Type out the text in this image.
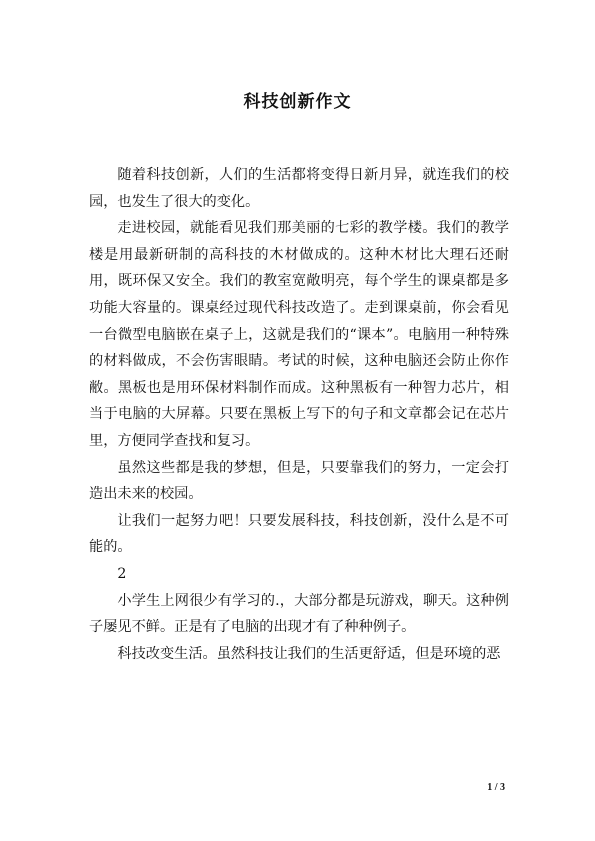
科技创新作文

随着科技创新，人们的生活都将变得日新月异，就连我们的校园，也发生了很大的变化。

走进校园，就能看见我们那美丽的七彩的教学楼。我们的教学楼是用最新研制的高科技的木材做成的。这种木材比大理石还耐用，既环保又安全。我们的教室宽敞明亮，每个学生的课桌都是多功能大容量的。课桌经过现代科技改造了。走到课桌前，你会看见一台微型电脑嵌在桌子上，这就是我们的“课本”。电脑用一种特殊的材料做成，不会伤害眼睛。考试的时候，这种电脑还会防止你作敝。黑板也是用环保材料制作而成。这种黑板有一种智力芯片，相当于电脑的大屏幕。只要在黑板上写下的句子和文章都会记在芯片里，方便同学查找和复习。

虽然这些都是我的梦想，但是，只要靠我们的努力，一定会打造出未来的校园。

让我们一起努力吧！只要发展科技，科技创新，没什么是不可能的。

2

小学生上网很少有学习的.，大部分都是玩游戏，聊天。这种例子屡见不鲜。正是有了电脑的出现才有了种种例子。

科技改变生活。虽然科技让我们的生活更舒适，但是环境的恶

1 / 3
